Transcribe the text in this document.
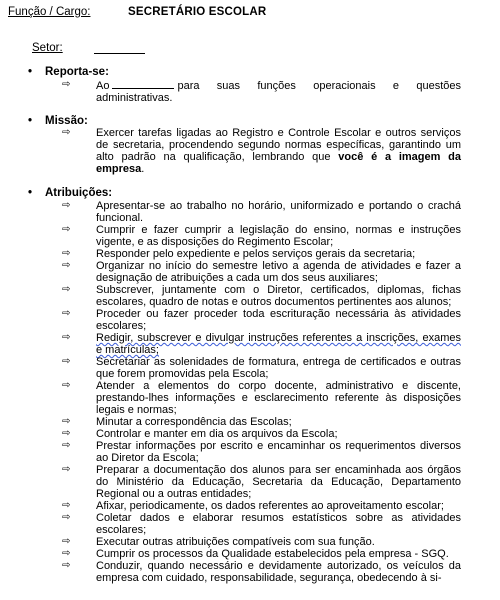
Função / Cargo:	SECRETÁRIO ESCOLAR
Setor:
• Reporta-se:
⇨ Ao	para suas funções operacionais e questões administrativas.
• Missão:
⇨ Exercer tarefas ligadas ao Registro e Controle Escolar e outros serviços de secretaria, procendendo segundo normas específicas, garantindo um alto padrão na qualificação, lembrando que você é a imagem da empresa.
• Atribuições:
⇨ Apresentar-se ao trabalho no horário, uniformizado e portando o crachá funcional.
⇨ Cumprir e fazer cumprir a legislação do ensino, normas e instruções vigente, e as disposições do Regimento Escolar;
⇨ Responder pelo expediente e pelos serviços gerais da secretaria;
⇨ Organizar no início do semestre letivo a agenda de atividades e fazer a designação de atribuições a cada um dos seus auxiliares;
⇨ Subscrever, juntamente com o Diretor, certificados, diplomas, fichas escolares, quadro de notas e outros documentos pertinentes aos alunos;
⇨ Proceder ou fazer proceder toda escrituração necessária às atividades escolares;
⇨ Redigir, subscrever e divulgar instruções referentes a inscrições, exames e matrículas;
⇨ Secretariar as solenidades de formatura, entrega de certificados e outras que forem promovidas pela Escola;
⇨ Atender a elementos do corpo docente, administrativo e discente, prestando-lhes informações e esclarecimento referente às disposições legais e normas;
⇨ Minutar a correspondência das Escolas;
⇨ Controlar e manter em dia os arquivos da Escola;
⇨ Prestar informações por escrito e encaminhar os requerimentos diversos ao Diretor da Escola;
⇨ Preparar a documentação dos alunos para ser encaminhada aos órgãos do Ministério da Educação, Secretaria da Educação, Departamento Regional ou a outras entidades;
⇨ Afixar, periodicamente, os dados referentes ao aproveitamento escolar;
⇨ Coletar dados e elaborar resumos estatísticos sobre as atividades escolares;
⇨ Executar outras atribuições compatíveis com sua função.
⇨ Cumprir os processos da Qualidade estabelecidos pela empresa - SGQ.
⇨ Conduzir, quando necessário e devidamente autorizado, os veículos da empresa com cuidado, responsabilidade, segurança, obedecendo à si-
